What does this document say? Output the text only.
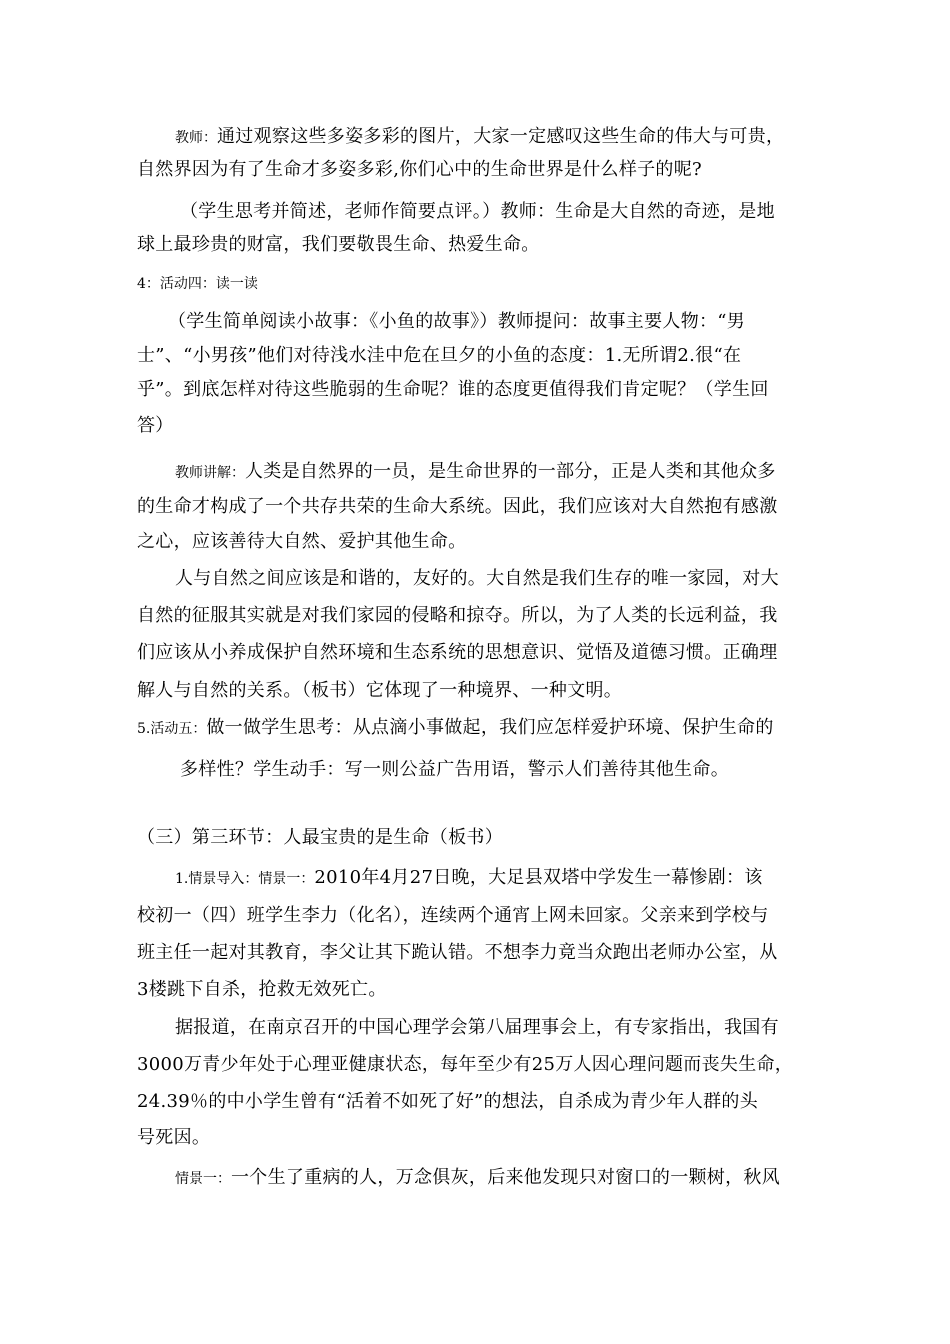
教师：通过观察这些多姿多彩的图片，大家一定感叹这些生命的伟大与可贵，
自然界因为有了生命才多姿多彩,你们心中的生命世界是什么样子的呢?
（学生思考并简述，老师作简要点评。）教师：生命是大自然的奇迹，是地
球上最珍贵的财富，我们要敬畏生命、热爱生命。
4：活动四：读一读
（学生简单阅读小故事：《小鱼的故事》）教师提问：故事主要人物：“男
士”、“小男孩”他们对待浅水洼中危在旦夕的小鱼的态度：1.无所谓2.很“在
乎”。到底怎样对待这些脆弱的生命呢？谁的态度更值得我们肯定呢？（学生回
答）
教师讲解：人类是自然界的一员，是生命世界的一部分，正是人类和其他众多
的生命才构成了一个共存共荣的生命大系统。因此，我们应该对大自然抱有感激
之心，应该善待大自然、爱护其他生命。
人与自然之间应该是和谐的，友好的。大自然是我们生存的唯一家园，对大
自然的征服其实就是对我们家园的侵略和掠夺。所以，为了人类的长远利益，我
们应该从小养成保护自然环境和生态系统的思想意识、觉悟及道德习惯。正确理
解人与自然的关系。（板书）它体现了一种境界、一种文明。
5.活动五：做一做学生思考：从点滴小事做起，我们应怎样爱护环境、保护生命的
多样性？学生动手：写一则公益广告用语，警示人们善待其他生命。
（三）第三环节：人最宝贵的是生命（板书）
1.情景导入：情景一：2010年4月27日晚，大足县双塔中学发生一幕惨剧：该
校初一（四）班学生李力（化名），连续两个通宵上网未回家。父亲来到学校与
班主任一起对其教育，李父让其下跪认错。不想李力竟当众跑出老师办公室，从
3楼跳下自杀，抢救无效死亡。
据报道，在南京召开的中国心理学会第八届理事会上，有专家指出，我国有
3000万青少年处于心理亚健康状态，每年至少有25万人因心理问题而丧失生命，
24.39％的中小学生曾有“活着不如死了好”的想法，自杀成为青少年人群的头
号死因。
情景一：一个生了重病的人，万念俱灰，后来他发现只对窗口的一颗树，秋风
